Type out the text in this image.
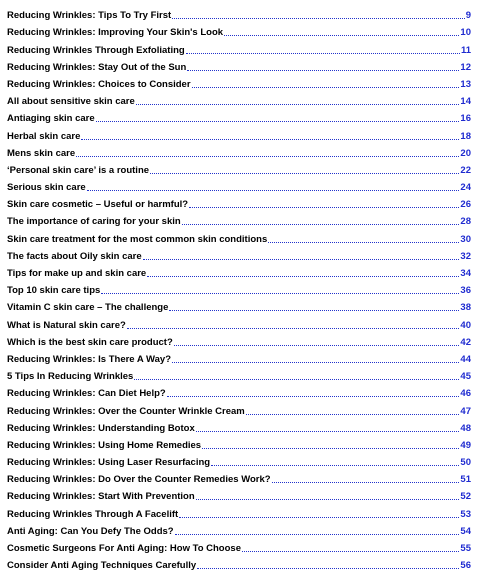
Reducing Wrinkles: Tips To Try First	9
Reducing Wrinkles: Improving Your Skin's Look	10
Reducing Wrinkles Through Exfoliating	11
Reducing Wrinkles: Stay Out of the Sun	12
Reducing Wrinkles: Choices to Consider	13
All about sensitive skin care	14
Antiaging skin care	16
Herbal skin care	18
Mens skin care	20
‘Personal skin care’ is a routine	22
Serious skin care	24
Skin care cosmetic – Useful or harmful?	26
The importance of caring for your skin	28
Skin care treatment for the most common skin conditions	30
The facts about Oily skin care	32
Tips for make up and skin care	34
Top 10 skin care tips	36
Vitamin C skin care – The challenge	38
What is Natural skin care?	40
Which is the best skin care product?	42
Reducing Wrinkles: Is There A Way?	44
5 Tips In Reducing Wrinkles	45
Reducing Wrinkles: Can Diet Help?	46
Reducing Wrinkles: Over the Counter Wrinkle Cream	47
Reducing Wrinkles: Understanding Botox	48
Reducing Wrinkles: Using Home Remedies	49
Reducing Wrinkles: Using Laser Resurfacing	50
Reducing Wrinkles: Do Over the Counter Remedies Work?	51
Reducing Wrinkles: Start With Prevention	52
Reducing Wrinkles Through A Facelift	53
Anti Aging: Can You Defy The Odds?	54
Cosmetic Surgeons For Anti Aging: How To Choose	55
Consider Anti Aging Techniques Carefully	56
